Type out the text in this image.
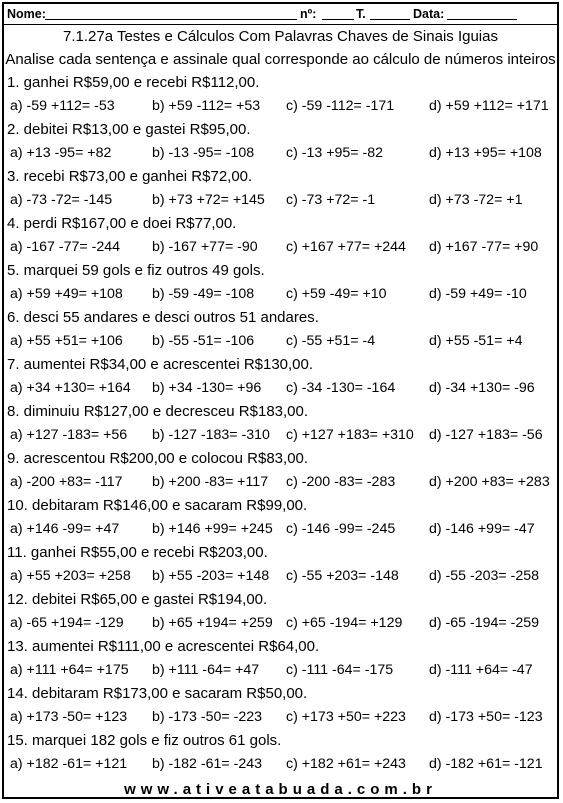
Nome:	nº:	T.	Data:
7.1.27a Testes e Cálculos Com Palavras Chaves de Sinais Iguias
Analise cada sentença e assinale qual corresponde ao cálculo de números inteiros
1. ganhei R$59,00 e recebi R$112,00.
a) -59 +112= -53	b) +59 -112= +53 c) -59 -112= -171 d) +59 +112= +171
2. debitei R$13,00 e gastei R$95,00.
a) +13 -95= +82	b) -13 -95= -108 c) -13 +95= -82	d) +13 +95= +108
3. recebi R$73,00 e ganhei R$72,00.
a) -73 -72= -145	b) +73 +72= +145 c) -73 +72= -1	d) +73 -72= +1
4. perdi R$167,00 e doei R$77,00.
a) -167 -77= -244 b) -167 +77= -90 c) +167 +77= +244 d) +167 -77= +90
5. marquei 59 gols e fiz outros 49 gols.
a) +59 +49= +108 b) -59 -49= -108 c) +59 -49= +10	d) -59 +49= -10
6. desci 55 andares e desci outros 51 andares.
a) +55 +51= +106 b) -55 -51= -106 c) -55 +51= -4	d) +55 -51= +4
7. aumentei R$34,00 e acrescentei R$130,00.
a) +34 +130= +164 b) +34 -130= +96 c) -34 -130= -164 d) -34 +130= -96
8. diminuiu R$127,00 e decresceu R$183,00.
a) +127 -183= +56 b) -127 -183= -310 c) +127 +183= +310 d) -127 +183= -56
9. acrescentou R$200,00 e colocou R$83,00.
a) -200 +83= -117 b) +200 -83= +117 c) -200 -83= -283 d) +200 +83= +283
10. debitaram R$146,00 e sacaram R$99,00.
a) +146 -99= +47 b) +146 +99= +245 c) -146 -99= -245 d) -146 +99= -47
11. ganhei R$55,00 e recebi R$203,00.
a) +55 +203= +258 b) +55 -203= +148 c) -55 +203= -148 d) -55 -203= -258
12. debitei R$65,00 e gastei R$194,00.
a) -65 +194= -129 b) +65 +194= +259 c) +65 -194= +129 d) -65 -194= -259
13. aumentei R$111,00 e acrescentei R$64,00.
a) +111 +64= +175 b) +111 -64= +47 c) -111 -64= -175	d) -111 +64= -47
14. debitaram R$173,00 e sacaram R$50,00.
a) +173 -50= +123 b) -173 -50= -223 c) +173 +50= +223 d) -173 +50= -123
15. marquei 182 gols e fiz outros 61 gols.
a) +182 -61= +121 b) -182 -61= -243 c) +182 +61= +243 d) -182 +61= -121
www.ativeatabuada.com.br
